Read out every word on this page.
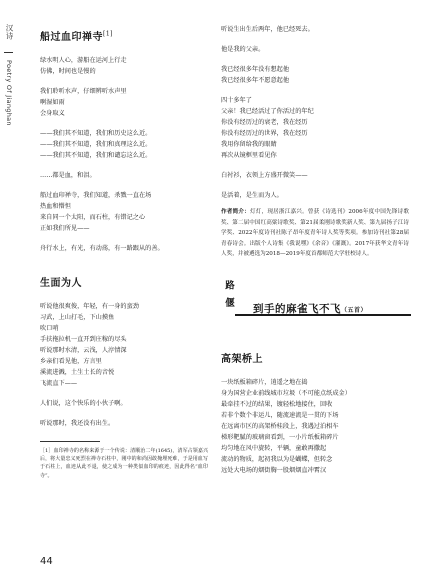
汉诗
Poetry Of Jianghan
船过血印禅寺[1]
绿水明人心，游船在运河上行走
仿佛，时间也是慢的
我们聆听水声，仔细辨听水声里
啊湿如雨
会身取义
——我们其不知道，我们和历史这么近。
——我们其不知道，我们和真理这么近。
——我们其不知道，我们和谴忘这么近。
……都是血，和泪。
船过血印禅寺，我们知道，杀戮一直在场
热血和懵怛
来自同一个太阳，而石柱，有错记之心
正如我们所见——
舟行水上，有光，有动荡，有一路跟从的善。
生面为人
听说他很爽俊，年轻，有一身的蛮劲
习武，上山打毛，下山摸鱼
吹口哨
手扶拖拉机一直开到庄稼的尽头
听说那时水清，云浅，人淳情深
乡亲们看见他，方言里
溪流进溅，土生土长的音悦
飞流直下——
人们说，这个快乐的小伙子啊。
听说那时，我还没有出生。
［1］血印禅寺的名称来源于一个传说：清顺治二年(1645)，清军占领嘉兴后，将大量忠义死烈在禅寺石柱中，刚中的和尚因敢掩埋死难，于是用血写于石柱上，血迹从此不退，使之成为一种类似血印的痕迹，因此得名“血印寺”。
听说生出生后两年，他已经死去。
他是我的父亲。
我已经很多年没有想起他
我已经很多年不愿意起他
四十多年了
父亲！我已经活过了你活过的年纪
你没有经历过的衰老，我在经历
你没有经历过的世界，我在经历
我用你留给我的眼睛
再次从镜框里看见你
白衬衫，衣领上方盛开微笑——
是活着，是生而为人。
作者简介：灯灯，现居浙江嘉兴。曾获《诗选刊》2006年度中国先锋诗歌奖、第二届中国红高粱诗歌奖、第21届柔刚诗歌奖新人奖、第九届扬子江诗学奖、2022年度诗刊社陈子昂年度青年诗人奖等奖项。参加诗刊社第28届青春诗会。出版个人诗集《我说嘿》《余音》《灌溉》。2017年获华文青年诗人奖，并被遴选为2018—2019年度首都师范大学驻校诗人。
路偃 到手的麻雀飞不飞（五首）
高架桥上
一块纸板箱碎片，逍遥之地在捣
身为国营企业前线城市垃圾（不可能点纸成金）
最牵挂不过的结果，镀轻松地接住，回收
若非个数个非运儿，随流速流是一贯的下场
在远离市区的高架桥桂段上，我遇过泊相车
梯形靶腻的玻璃窗看到，一小片纸板箱碎片
均匀地在风中旋转，平辆，童敢再撒起
流动的物质，起初我以为是蝴蝶，但转念
远处大电场的烟街胸一股烟烟直冲霄汉
44
